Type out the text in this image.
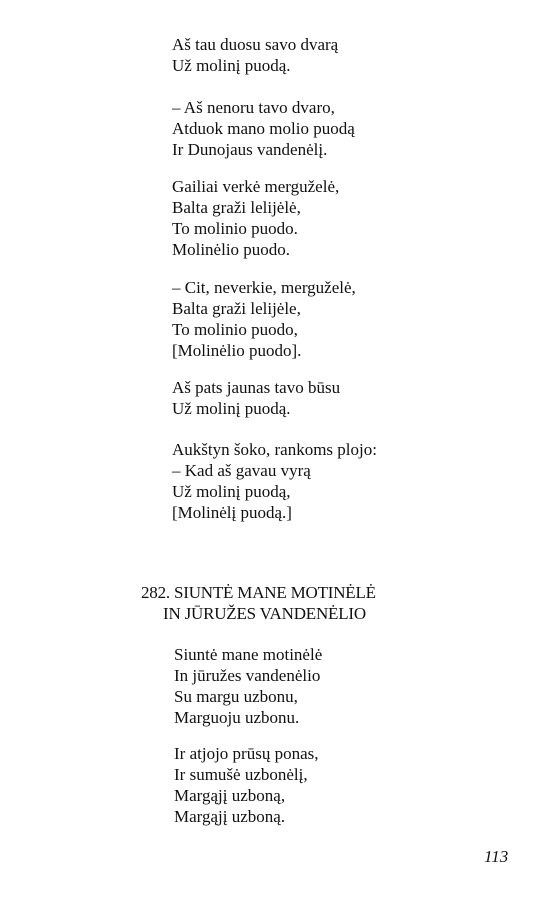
Aš tau duosu savo dvarą
Už molinį puodą.
– Aš nenoru tavo dvaro,
Atduok mano molio puodą
Ir Dunojaus vandenėlį.
Gailiai verkė merguželė,
Balta graži lelijėlė,
To molinio puodo.
Molinėlio puodo.
– Cit, neverkie, merguželė,
Balta graži lelijėle,
To molinio puodo,
[Molinėlio puodo].
Aš pats jaunas tavo būsu
Už molinį puodą.
Aukštyn šoko, rankoms plojo:
– Kad aš gavau vyrą
Už molinį puodą,
[Molinėlį puodą.]
282. SIUNTĖ MANE MOTINĖLĖ
IN JŪRUŽES VANDENĖLIO
Siuntė mane motinėlė
In jūružes vandenėlio
Su margu uzbonu,
Marguoju uzbonu.
Ir atjojo prūsų ponas,
Ir sumušė uzbonėlį,
Margąjį uzboną,
Margąjį uzboną.
113
